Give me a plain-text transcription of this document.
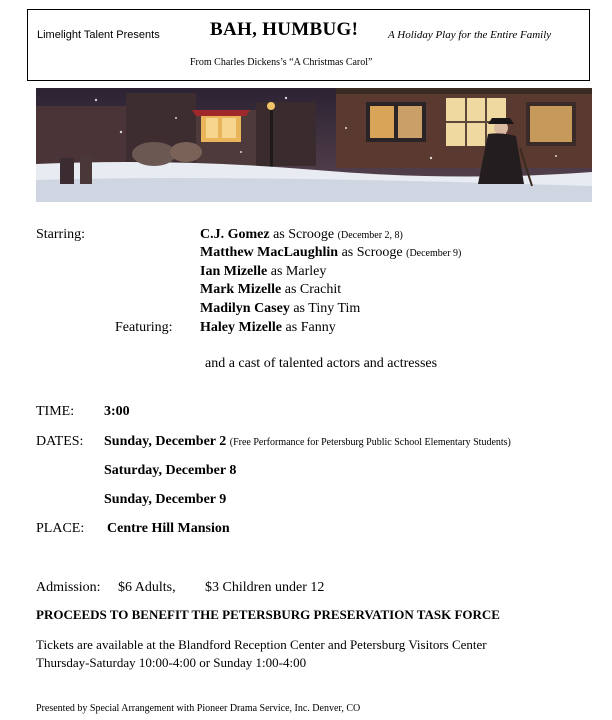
Limelight Talent Presents	BAH, HUMBUG!	A Holiday Play for the Entire Family
From Charles Dickens’s “A Christmas Carol”
Starring:	C.J. Gomez as Scrooge (December 2, 8)
Matthew MacLaughlin as Scrooge (December 9)
Ian Mizelle as Marley
Mark Mizelle as Crachit
Madilyn Casey as Tiny Tim
Featuring: Haley Mizelle as Fanny
and a cast of talented actors and actresses
TIME: 3:00
DATES: Sunday, December 2 (Free Performance for Petersburg Public School Elementary Students)
Saturday, December 8
Sunday, December 9
PLACE: Centre Hill Mansion
Admission: $6 Adults, $3 Children under 12
PROCEEDS TO BENEFIT THE PETERSBURG PRESERVATION TASK FORCE
Tickets are available at the Blandford Reception Center and Petersburg Visitors Center
Thursday-Saturday 10:00-4:00 or Sunday 1:00-4:00
Presented by Special Arrangement with Pioneer Drama Service, Inc. Denver, CO
